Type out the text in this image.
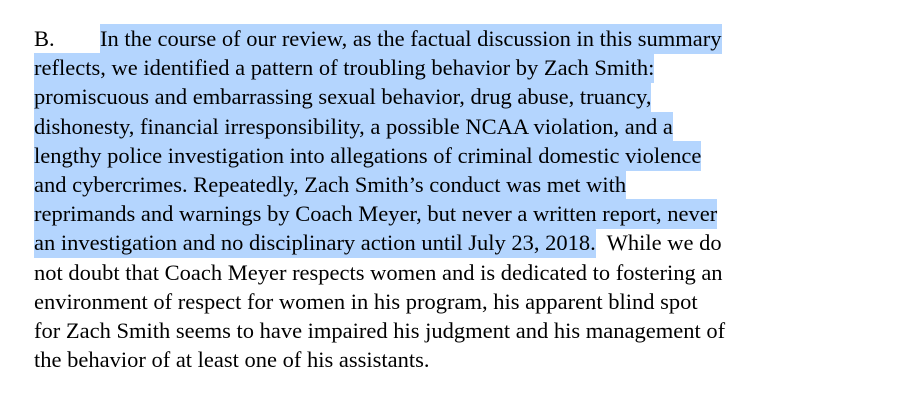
B. In the course of our review, as the factual discussion in this summary
reflects, we identified a pattern of troubling behavior by Zach Smith:
promiscuous and embarrassing sexual behavior, drug abuse, truancy,
dishonesty, financial irresponsibility, a possible NCAA violation, and a
lengthy police investigation into allegations of criminal domestic violence
and cybercrimes. Repeatedly, Zach Smith’s conduct was met with
reprimands and warnings by Coach Meyer, but never a written report, never
an investigation and no disciplinary action until July 23, 2018.  While we do
not doubt that Coach Meyer respects women and is dedicated to fostering an
environment of respect for women in his program, his apparent blind spot
for Zach Smith seems to have impaired his judgment and his management of
the behavior of at least one of his assistants.
